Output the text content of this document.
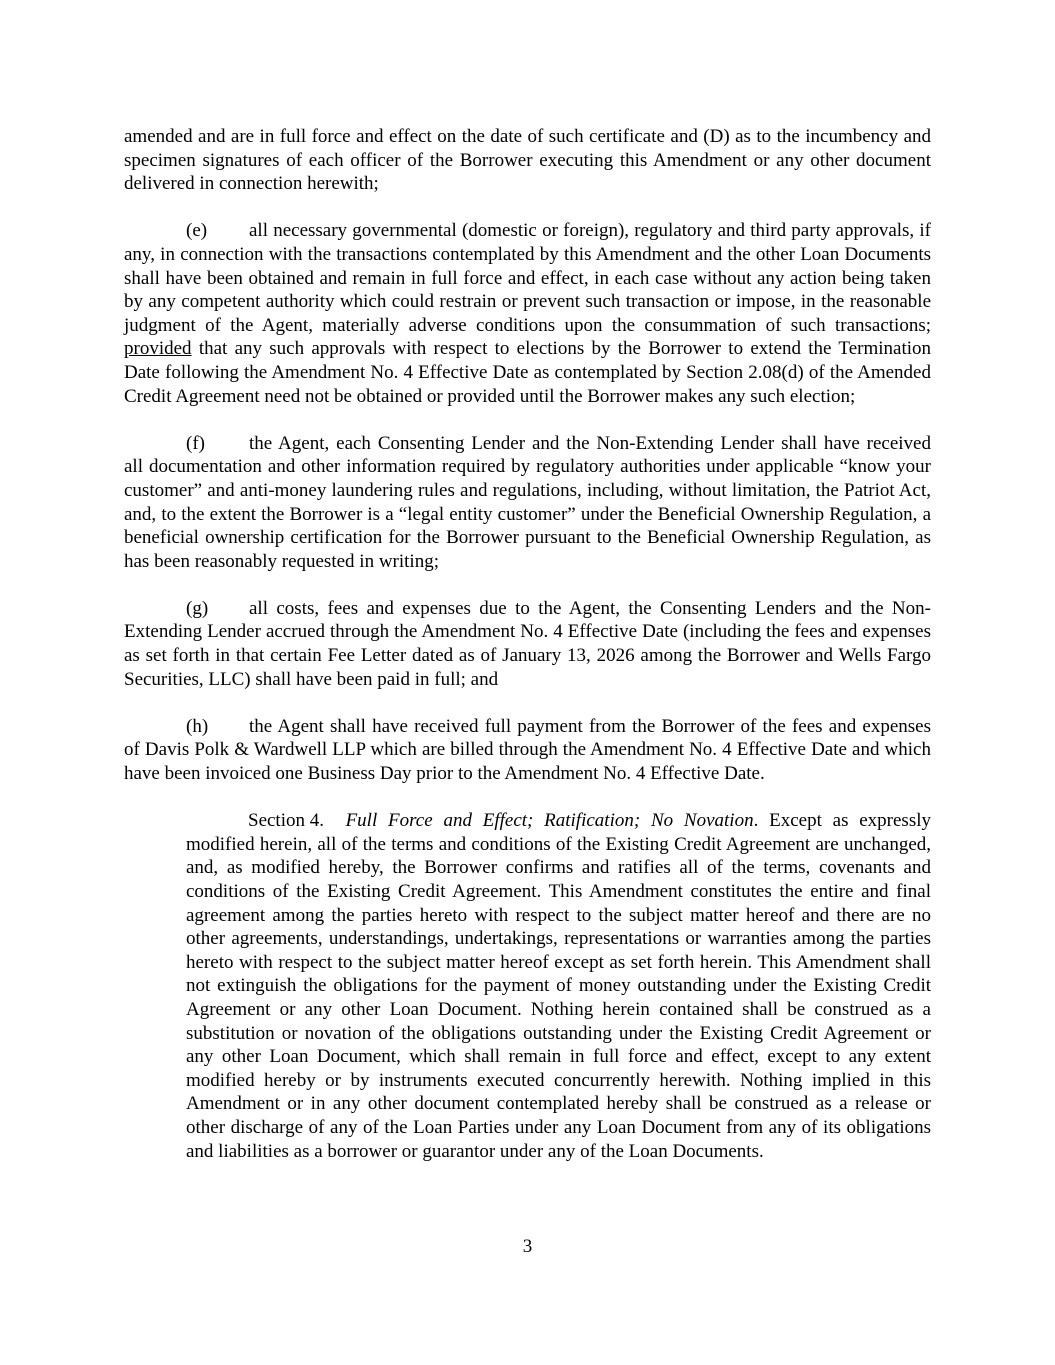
amended and are in full force and effect on the date of such certificate and (D) as to the incumbency and specimen signatures of each officer of the Borrower executing this Amendment or any other document delivered in connection herewith;

(e) all necessary governmental (domestic or foreign), regulatory and third party approvals, if any, in connection with the transactions contemplated by this Amendment and the other Loan Documents shall have been obtained and remain in full force and effect, in each case without any action being taken by any competent authority which could restrain or prevent such transaction or impose, in the reasonable judgment of the Agent, materially adverse conditions upon the consummation of such transactions; provided that any such approvals with respect to elections by the Borrower to extend the Termination Date following the Amendment No. 4 Effective Date as contemplated by Section 2.08(d) of the Amended Credit Agreement need not be obtained or provided until the Borrower makes any such election;

(f) the Agent, each Consenting Lender and the Non-Extending Lender shall have received all documentation and other information required by regulatory authorities under applicable “know your customer” and anti-money laundering rules and regulations, including, without limitation, the Patriot Act, and, to the extent the Borrower is a “legal entity customer” under the Beneficial Ownership Regulation, a beneficial ownership certification for the Borrower pursuant to the Beneficial Ownership Regulation, as has been reasonably requested in writing;

(g) all costs, fees and expenses due to the Agent, the Consenting Lenders and the Non-Extending Lender accrued through the Amendment No. 4 Effective Date (including the fees and expenses as set forth in that certain Fee Letter dated as of January 13, 2026 among the Borrower and Wells Fargo Securities, LLC) shall have been paid in full; and

(h) the Agent shall have received full payment from the Borrower of the fees and expenses of Davis Polk & Wardwell LLP which are billed through the Amendment No. 4 Effective Date and which have been invoiced one Business Day prior to the Amendment No. 4 Effective Date.

Section 4. Full Force and Effect; Ratification; No Novation. Except as expressly modified herein, all of the terms and conditions of the Existing Credit Agreement are unchanged, and, as modified hereby, the Borrower confirms and ratifies all of the terms, covenants and conditions of the Existing Credit Agreement. This Amendment constitutes the entire and final agreement among the parties hereto with respect to the subject matter hereof and there are no other agreements, understandings, undertakings, representations or warranties among the parties hereto with respect to the subject matter hereof except as set forth herein. This Amendment shall not extinguish the obligations for the payment of money outstanding under the Existing Credit Agreement or any other Loan Document. Nothing herein contained shall be construed as a substitution or novation of the obligations outstanding under the Existing Credit Agreement or any other Loan Document, which shall remain in full force and effect, except to any extent modified hereby or by instruments executed concurrently herewith. Nothing implied in this Amendment or in any other document contemplated hereby shall be construed as a release or other discharge of any of the Loan Parties under any Loan Document from any of its obligations and liabilities as a borrower or guarantor under any of the Loan Documents.

3
